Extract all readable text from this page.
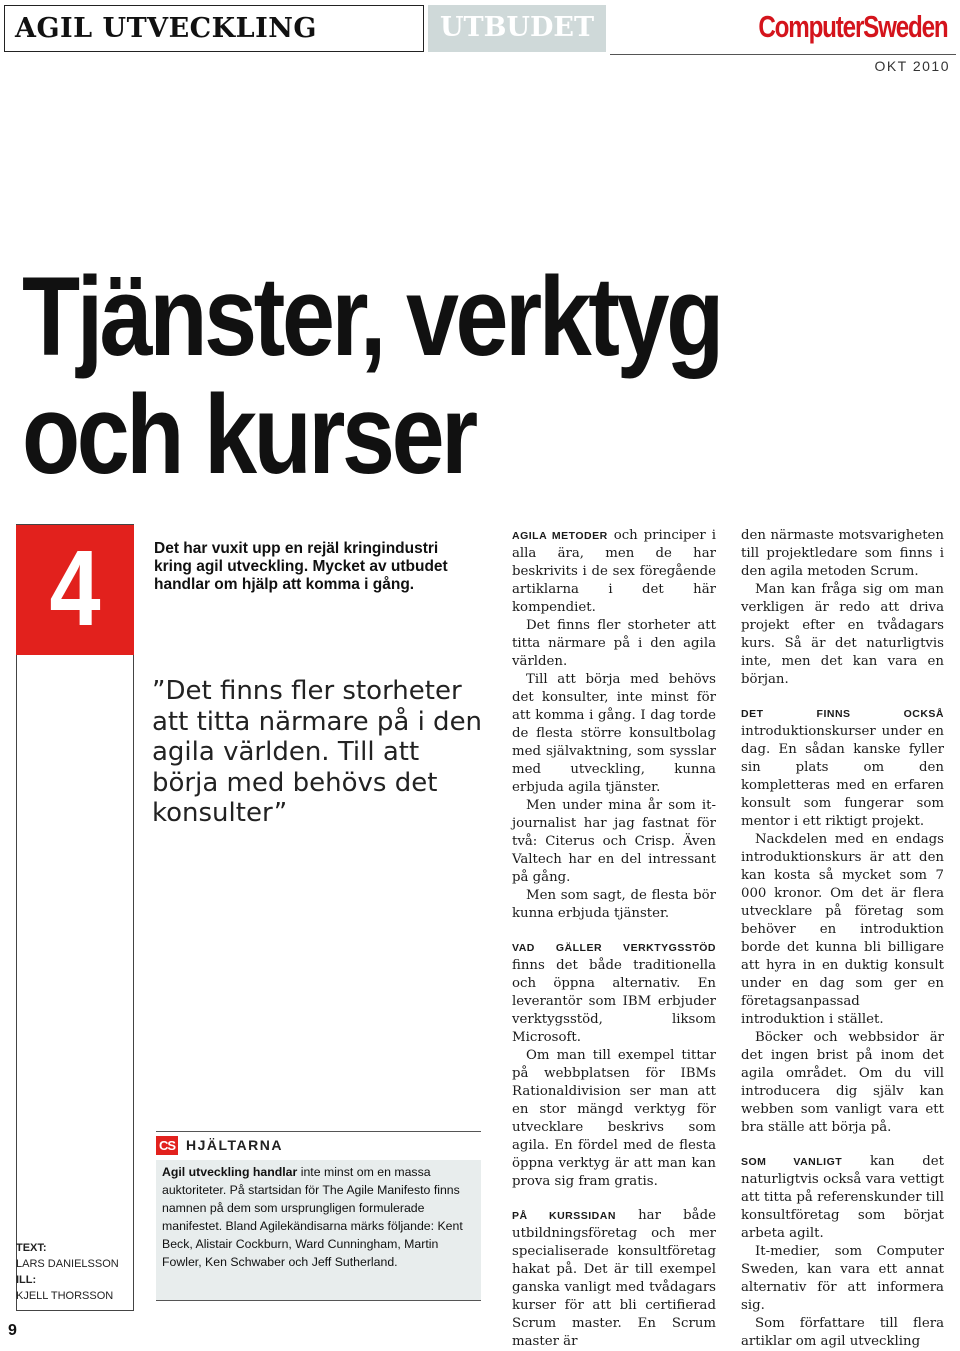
AGIL UTVECKLING	UTBUDET	ComputerSweden
OKT 2010
Tjänster, verktyg
och kurser
4
TEXT:
LARS DANIELSSON
ILL:
KJELL THORSSON
9
Det har vuxit upp en rejäl kringindustri kring agil utveckling. Mycket av utbudet handlar om hjälp att komma i gång.
”Det finns fler storheter att titta närmare på i den agila världen. Till att börja med behövs det konsulter”
CS HJÄLTARNA
Agil utveckling handlar inte minst om en massa auktoriteter. På startsidan för The Agile Manifesto finns namnen på dem som ursprungligen formulerade manifestet. Bland Agilekändisarna märks följande: Kent Beck, Alistair Cockburn, Ward Cunningham, Martin Fowler, Ken Schwaber och Jeff Sutherland.

AGILA METODER och principer i alla ära, men de har beskrivits i de sex föregående artiklarna i det här kompendiet.

Det finns fler storheter att titta närmare på i den agila världen.

Till att börja med behövs det konsulter, inte minst för att komma i gång. I dag torde de flesta större konsultbolag med självaktning, som sysslar med utveckling, kunna erbjuda agila tjänster.

Men under mina år som it-journalist har jag fastnat för två: Citerus och Crisp. Även Valtech har en del intressant på gång.

Men som sagt, de flesta bör kunna erbjuda tjänster.

VAD GÄLLER VERKTYGSSTÖD finns det både traditionella och öppna alternativ. En leverantör som IBM erbjuder verktygsstöd, liksom Microsoft.

Om man till exempel tittar på webbplatsen för IBMs Rationaldivision ser man att en stor mängd verktyg för utvecklare beskrivs som agila. En fördel med de flesta öppna verktyg är att man kan prova sig fram gratis.

PÅ KURSSIDAN har både utbildningsföretag och mer specialiserade konsultföretag hakat på. Det är till exempel ganska vanligt med tvådagars kurser för att bli certifierad Scrum master. En Scrum master är

den närmaste motsvarigheten till projektledare som finns i den agila metoden Scrum.

Man kan fråga sig om man verkligen är redo att driva projekt efter en tvådagars kurs. Så är det naturligtvis inte, men det kan vara en början.

DET FINNS OCKSÅ introduktionskurser under en dag. En sådan kanske fyller sin plats om den kompletteras med en erfaren konsult som fungerar som mentor i ett riktigt projekt.

Nackdelen med en endags introduktionskurs är att den kan kosta så mycket som 7 000 kronor. Om det är flera utvecklare på företag som behöver en introduktion borde det kunna bli billigare att hyra in en duktig konsult under en dag som ger en företagsanpassad introduktion i stället.

Böcker och webbsidor är det ingen brist på inom det agila området. Om du vill introducera dig själv kan webben som vanligt vara ett bra ställe att börja på.

SOM VANLIGT kan det naturligtvis också vara vettigt att titta på referenskunder till konsultföretag som börjat arbeta agilt.

It-medier, som Computer Sweden, kan vara ett annat alternativ för att informera sig.

Som författare till flera artiklar om agil utveckling
